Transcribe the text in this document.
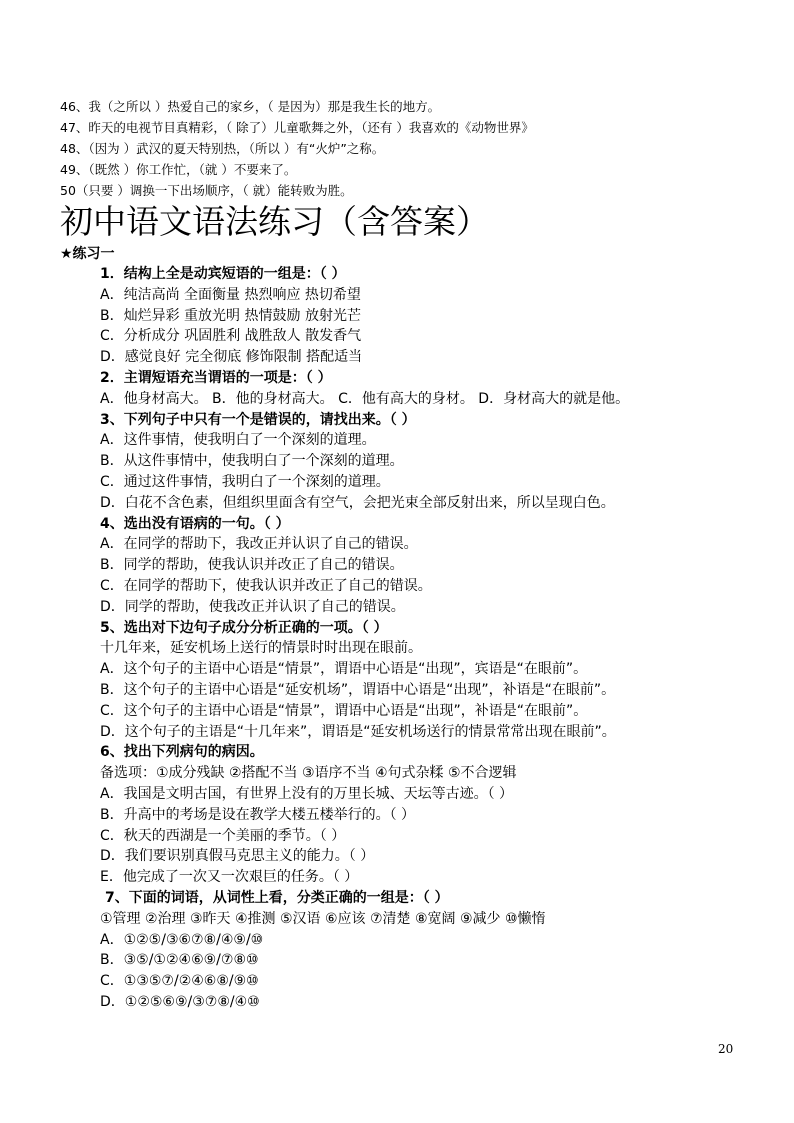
46、我（之所以 ）热爱自己的家乡，（ 是因为）那是我生长的地方。
47、昨天的电视节目真精彩，（ 除了）儿童歌舞之外，（还有 ）我喜欢的《动物世界》
48、（因为 ）武汉的夏天特别热，（所以 ）有“火炉”之称。
49、（既然 ）你工作忙，（就 ）不要来了。
50（只要 ）调换一下出场顺序，（ 就）能转败为胜。
初中语文语法练习（含答案）
★练习一
1．结构上全是动宾短语的一组是：（ ）
A．纯洁高尚 全面衡量 热烈响应 热切希望
B．灿烂异彩 重放光明 热情鼓励 放射光芒
C．分析成分 巩固胜利 战胜敌人 散发香气
D．感觉良好 完全彻底 修饰限制 搭配适当
2．主谓短语充当谓语的一项是：（ ）
A．他身材高大。 B．他的身材高大。 C．他有高大的身材。 D．身材高大的就是他。
3、下列句子中只有一个是错误的，请找出来。（ ）
A．这件事情，使我明白了一个深刻的道理。
B．从这件事情中，使我明白了一个深刻的道理。
C．通过这件事情，我明白了一个深刻的道理。
D．白花不含色素，但组织里面含有空气，会把光束全部反射出来，所以呈现白色。
4、选出没有语病的一句。（ ）
A．在同学的帮助下，我改正并认识了自己的错误。
B．同学的帮助，使我认识并改正了自己的错误。
C．在同学的帮助下，使我认识并改正了自己的错误。
D．同学的帮助，使我改正并认识了自己的错误。
5、选出对下边句子成分分析正确的一项。（ ）
十几年来，延安机场上送行的情景时时出现在眼前。
A．这个句子的主语中心语是“情景”，谓语中心语是“出现”，宾语是“在眼前”。
B．这个句子的主语中心语是“延安机场”，谓语中心语是“出现”，补语是“在眼前”。
C．这个句子的主语中心语是“情景”，谓语中心语是“出现”，补语是“在眼前”。
D．这个句子的主语是“十几年来”，谓语是“延安机场送行的情景常常出现在眼前”。
6、找出下列病句的病因。
备选项：①成分残缺 ②搭配不当 ③语序不当 ④句式杂糅 ⑤不合逻辑
A．我国是文明古国，有世界上没有的万里长城、天坛等古迹。（ ）
B．升高中的考场是设在教学大楼五楼举行的。（ ）
C．秋天的西湖是一个美丽的季节。（ ）
D．我们要识别真假马克思主义的能力。（ ）
E．他完成了一次又一次艰巨的任务。（ ）
7、下面的词语，从词性上看，分类正确的一组是：（ ）
①管理 ②治理 ③昨天 ④推测 ⑤汉语 ⑥应该 ⑦清楚 ⑧宽阔 ⑨减少 ⑩懒惰
A．①②⑤/③⑥⑦⑧/④⑨/⑩
B．③⑤/①②④⑥⑨/⑦⑧⑩
C．①③⑤⑦/②④⑥⑧/⑨⑩
D．①②⑤⑥⑨/③⑦⑧/④⑩
20
